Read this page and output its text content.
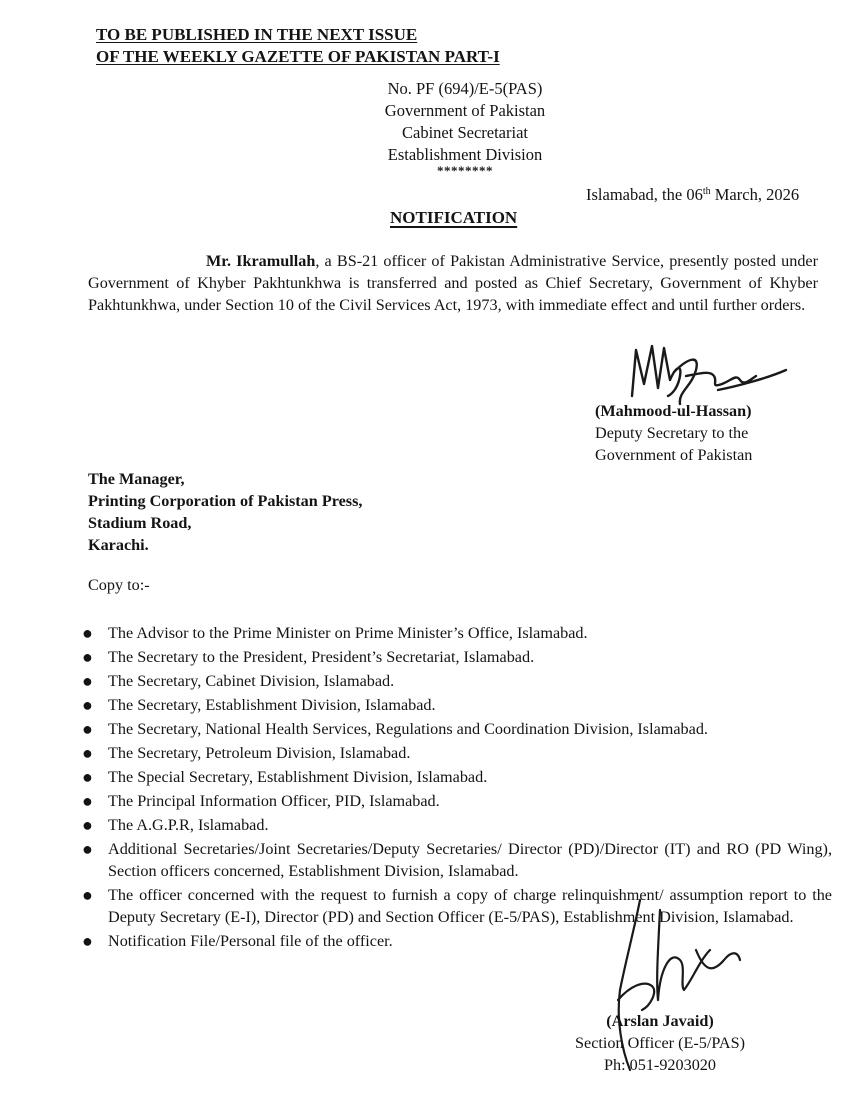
TO BE PUBLISHED IN THE NEXT ISSUE
OF THE WEEKLY GAZETTE OF PAKISTAN PART-I
No. PF (694)/E-5(PAS)
Government of Pakistan
Cabinet Secretariat
Establishment Division
********
Islamabad, the 06th March, 2026
NOTIFICATION

Mr. Ikramullah, a BS-21 officer of Pakistan Administrative Service, presently posted under Government of Khyber Pakhtunkhwa is transferred and posted as Chief Secretary, Government of Khyber Pakhtunkhwa, under Section 10 of the Civil Services Act, 1973, with immediate effect and until further orders.

(Mahmood-ul-Hassan)
Deputy Secretary to the
Government of Pakistan
The Manager,
Printing Corporation of Pakistan Press,
Stadium Road,
Karachi.
Copy to:-
● The Advisor to the Prime Minister on Prime Minister’s Office, Islamabad.
● The Secretary to the President, President’s Secretariat, Islamabad.
● The Secretary, Cabinet Division, Islamabad.
● The Secretary, Establishment Division, Islamabad.
● The Secretary, National Health Services, Regulations and Coordination Division, Islamabad.
● The Secretary, Petroleum Division, Islamabad.
● The Special Secretary, Establishment Division, Islamabad.
● The Principal Information Officer, PID, Islamabad.
● The A.G.P.R, Islamabad.
● Additional Secretaries/Joint Secretaries/Deputy Secretaries/ Director (PD)/Director (IT) and RO (PD Wing), Section officers concerned, Establishment Division, Islamabad.
● The officer concerned with the request to furnish a copy of charge relinquishment/ assumption report to the Deputy Secretary (E-I), Director (PD) and Section Officer (E-5/PAS), Establishment Division, Islamabad.
● Notification File/Personal file of the officer.
(Arslan Javaid)
Section Officer (E-5/PAS)
Ph: 051-9203020
